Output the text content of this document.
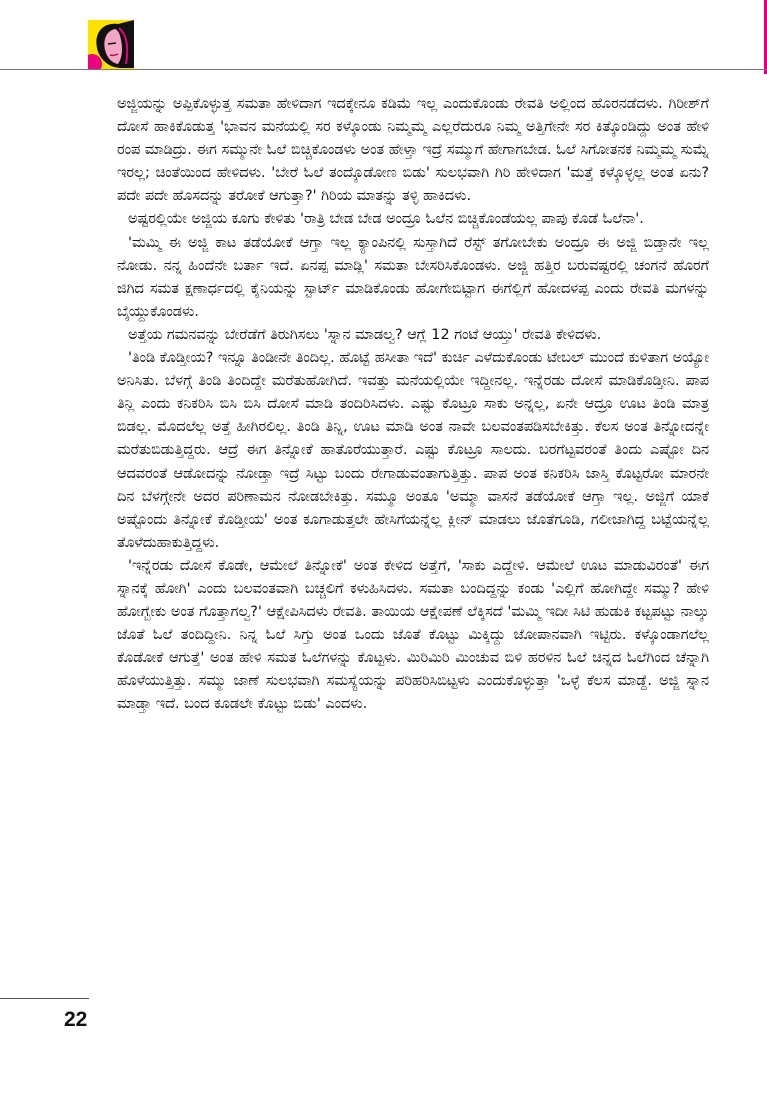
ಅಜ್ಜಿಯನ್ನು ಅಪ್ಪಿಕೊಳ್ಳುತ್ತ ಸಮತಾ ಹೇಳಿದಾಗ ಇದಕ್ಕೇನೂ ಕಡಿಮೆ ಇಲ್ಲ ಎಂದುಕೊಂಡು ರೇವತಿ ಅಲ್ಲಿಂದ ಹೊರನಡೆದಳು. ಗಿರೀಶ್‌ಗೆ ದೋಸೆ ಹಾಕಿಕೊಡುತ್ತ 'ಭಾವನ ಮನೆಯಲ್ಲಿ ಸರ ಕಳ್ಕೊಂಡು ನಿಮ್ಮಮ್ಮ ಎಲ್ಲರೆದುರೂ ನಿಮ್ಮ ಅತ್ತಿಗೇನೇ ಸರ ಕಿತ್ಕೊಂಡಿದ್ದು ಅಂತ ಹೇಳಿ ರಂಪ ಮಾಡಿದ್ರು. ಈಗ ಸಮ್ಮುನೇ ಓಲೆ ಬಿಚ್ಚಿಕೊಂಡಳು ಅಂತ ಹೇಳ್ತಾ ಇದ್ರೆ ಸಮ್ಮುಗೆ ಹೇಗಾಗಬೇಡ. ಓಲೆ ಸಿಗೋತನಕ ನಿಮ್ಮಮ್ಮ ಸುಮ್ನೆ ಇರಲ್ಲ; ಚಿಂತೆಯಿಂದ ಹೇಳಿದಳು. 'ಬೇರೆ ಓಲೆ ತಂದ್ಕೊಡೋಣ ಬಿಡು' ಸುಲಭವಾಗಿ ಗಿರಿ ಹೇಳಿದಾಗ 'ಮತ್ತೆ ಕಳ್ಕೊಳ್ಳಲ್ಲ ಅಂತ ಏನು? ಪದೇ ಪದೇ ಹೊಸದನ್ನು ತರೋಕೆ ಆಗುತ್ತಾ?' ಗಿರಿಯ ಮಾತನ್ನು ತಳ್ಳಿ ಹಾಕಿದಳು.

ಅಷ್ಟರಲ್ಲಿಯೇ ಅಜ್ಜಿಯ ಕೂಗು ಕೇಳಿತು 'ರಾತ್ರಿ ಬೇಡ ಬೇಡ ಅಂದ್ರೂ ಓಲೆನ ಬಿಚ್ಚಿಕೊಂಡೆಯಲ್ಲ ಪಾಪು ಕೊಡೆ ಓಲೆನಾ'.

'ಮಮ್ಮಿ ಈ ಅಜ್ಜಿ ಕಾಟ ತಡೆಯೋಕೆ ಆಗ್ತಾ ಇಲ್ಲ ಕ್ಯಾಂಪಿನಲ್ಲಿ ಸುಸ್ತಾಗಿದೆ ರೆಸ್ಟ್ ತಗೋಬೇಕು ಅಂದ್ರೂ ಈ ಅಜ್ಜಿ ಬಿಡ್ತಾನೇ ಇಲ್ಲ ನೋಡು. ನನ್ನ ಹಿಂದೆನೇ ಬರ್ತಾ ಇದೆ. ಏನಪ್ಪ ಮಾಡ್ಲಿ' ಸಮತಾ ಬೇಸರಿಸಿಕೊಂಡಳು. ಅಜ್ಜಿ ಹತ್ತಿರ ಬರುವಷ್ಟರಲ್ಲಿ ಚಂಗನೆ ಹೊರಗೆ ಜಿಗಿದ ಸಮತ ಕ್ಷಣಾರ್ಧದಲ್ಲಿ ಕೈನಿಯನ್ನು ಸ್ಟಾರ್ಟ್ ಮಾಡಿಕೊಂಡು ಹೋಗೇಬಿಟ್ಟಾಗ ಈಗೆಲ್ಲಿಗೆ ಹೋದಳಪ್ಪ ಎಂದು ರೇವತಿ ಮಗಳನ್ನು ಬೈಯ್ದುಕೊಂಡಳು.

ಅತ್ತೆಯ ಗಮನವನ್ನು ಬೇರೆಡೆಗೆ ತಿರುಗಿಸಲು 'ಸ್ನಾನ ಮಾಡಲ್ವ? ಆಗ್ಲೆ 12 ಗಂಟೆ ಆಯ್ತು' ರೇವತಿ ಕೇಳಿದಳು.

'ತಿಂಡಿ ಕೊಡ್ತೀಯ? ಇನ್ನೂ ತಿಂಡೀನೇ ತಿಂದಿಲ್ಲ. ಹೊಟ್ಟೆ ಹಸೀತಾ ಇದೆ' ಕುರ್ಚಿ ಎಳೆದುಕೊಂಡು ಟೇಬಲ್ ಮುಂದೆ ಕುಳಿತಾಗ ಅಯ್ಯೋ ಅನಿಸಿತು. ಬೆಳಗ್ಗೆ ತಿಂಡಿ ತಿಂದಿದ್ದೇ ಮರೆತುಹೋಗಿದೆ. ಇವತ್ತು ಮನೆಯಲ್ಲಿಯೇ ಇದ್ದೀನಲ್ಲ. ಇನ್ನೆರಡು ದೋಸೆ ಮಾಡಿಕೊಡ್ತೀನಿ. ಪಾಪ ತಿನ್ಲಿ ಎಂದು ಕನಿಕರಿಸಿ ಬಿಸಿ ಬಿಸಿ ದೋಸೆ ಮಾಡಿ ತಂದಿರಿಸಿದಳು. ಎಷ್ಟು ಕೊಟ್ರೂ ಸಾಕು ಅನ್ನಲ್ಲ, ಏನೇ ಆದ್ರೂ ಊಟ ತಿಂಡಿ ಮಾತ್ರ ಬಿಡಲ್ಲ. ಮೊದಲೆಲ್ಲ ಅತ್ತೆ ಹೀಗಿರಲಿಲ್ಲ. ತಿಂಡಿ ತಿನ್ನಿ, ಊಟ ಮಾಡಿ ಅಂತ ನಾವೇ ಬಲವಂತಪಡಿಸಬೇಕಿತ್ತು. ಕೆಲಸ ಅಂತ ತಿನ್ನೋದನ್ನೇ ಮರೆತುಬಿಡುತ್ತಿದ್ದರು. ಆದ್ರೆ ಈಗ ತಿನ್ನೋಕೆ ಹಾತೊರೆಯುತ್ತಾರೆ. ಎಷ್ಟು ಕೊಟ್ರೂ ಸಾಲದು. ಬರಗೆಟ್ಟವರಂತೆ ತಿಂದು ಎಷ್ಟೋ ದಿನ ಆದವರಂತೆ ಆಡೋದನ್ನು ನೋಡ್ತಾ ಇದ್ರೆ ಸಿಟ್ಟು ಬಂದು ರೇಗಾಡುವಂತಾಗುತ್ತಿತ್ತು. ಪಾಪ ಅಂತ ಕನಿಕರಿಸಿ ಜಾಸ್ತಿ ಕೊಟ್ಟರೋ ಮಾರನೇ ದಿನ ಬೆಳಗ್ಗೇನೇ ಅದರ ಪರಿಣಾಮನ ನೋಡಬೇಕಿತ್ತು. ಸಮ್ಮೂ ಅಂತೂ 'ಅಮ್ಮಾ ವಾಸನೆ ತಡೆಯೋಕೆ ಆಗ್ತಾ ಇಲ್ಲ. ಅಜ್ಜಿಗೆ ಯಾಕೆ ಅಷ್ಟೊಂದು ತಿನ್ನೋಕೆ ಕೊಡ್ತೀಯ' ಅಂತ ಕೂಗಾಡುತ್ತಲೇ ಹೇಸಿಗೆಯನ್ನೆಲ್ಲ ಕ್ಲೀನ್ ಮಾಡಲು ಜೊತೆಗೂಡಿ, ಗಲೀಜಾಗಿದ್ದ ಬಟ್ಟೆಯನ್ನೆಲ್ಲ ತೊಳೆದುಹಾಕುತ್ತಿದ್ದಳು.

'ಇನ್ನೆರಡು ದೋಸೆ ಕೊಡೇ, ಆಮೇಲೆ ತಿನ್ನೋಕೆ' ಅಂತ ಕೇಳಿದ ಅತ್ತೆಗೆ, 'ಸಾಕು ಎದ್ದೇಳಿ. ಆಮೇಲೆ ಊಟ ಮಾಡುವಿರಂತೆ' ಈಗ ಸ್ನಾನಕ್ಕೆ ಹೋಗಿ' ಎಂದು ಬಲವಂತವಾಗಿ ಬಚ್ಚಲಿಗೆ ಕಳುಹಿಸಿದಳು. ಸಮತಾ ಬಂದಿದ್ದನ್ನು ಕಂಡು 'ಎಲ್ಲಿಗೆ ಹೋಗಿದ್ದೇ ಸಮ್ಮು? ಹೇಳಿ ಹೋಗ್ಬೇಕು ಅಂತ ಗೊತ್ತಾಗಲ್ವ?' ಆಕ್ಷೇಪಿಸಿದಳು ರೇವತಿ. ತಾಯಿಯ ಆಕ್ಷೇಪಣೆ ಲೆಕ್ಕಿಸದೆ 'ಮಮ್ಮಿ ಇದೀ ಸಿಟಿ ಹುಡುಕಿ ಕಟ್ಟಪಟ್ಟು ನಾಲ್ಕು ಜೊತೆ ಓಲೆ ತಂದಿದ್ದೀನಿ. ನಿನ್ನ ಓಲೆ ಸಿಗ್ತು ಅಂತ ಒಂದು ಜೊತೆ ಕೊಟ್ಟು ಮಿಕ್ಕಿದ್ದು ಜೋಪಾನವಾಗಿ ಇಟ್ಟಿರು. ಕಳ್ಕೊಂಡಾಗಲೆಲ್ಲ ಕೊಡೋಕೆ ಆಗುತ್ತೆ' ಅಂತ ಹೇಳಿ ಸಮತ ಓಲೆಗಳನ್ನು ಕೊಟ್ಟಳು. ಮಿರಿಮಿರಿ ಮಿಂಚುವ ಬಿಳಿ ಹರಳಿನ ಓಲೆ ಚಿನ್ನದ ಓಲೆಗಿಂದ ಚೆನ್ನಾಗಿ ಹೊಳೆಯುತ್ತಿತ್ತು. ಸಮ್ಮು ಜಾಣೆ ಸುಲಭವಾಗಿ ಸಮಸ್ಯೆಯನ್ನು ಪರಿಹರಿಸಿಬಿಟ್ಟಳು ಎಂದುಕೊಳ್ಳುತ್ತಾ 'ಒಳ್ಳೆ ಕೆಲಸ ಮಾಡ್ದೆ. ಅಜ್ಜಿ ಸ್ನಾನ ಮಾಡ್ತಾ ಇದೆ. ಬಂದ ಕೂಡಲೇ ಕೊಟ್ಟು ಬಿಡು' ಎಂದಳು.

22
